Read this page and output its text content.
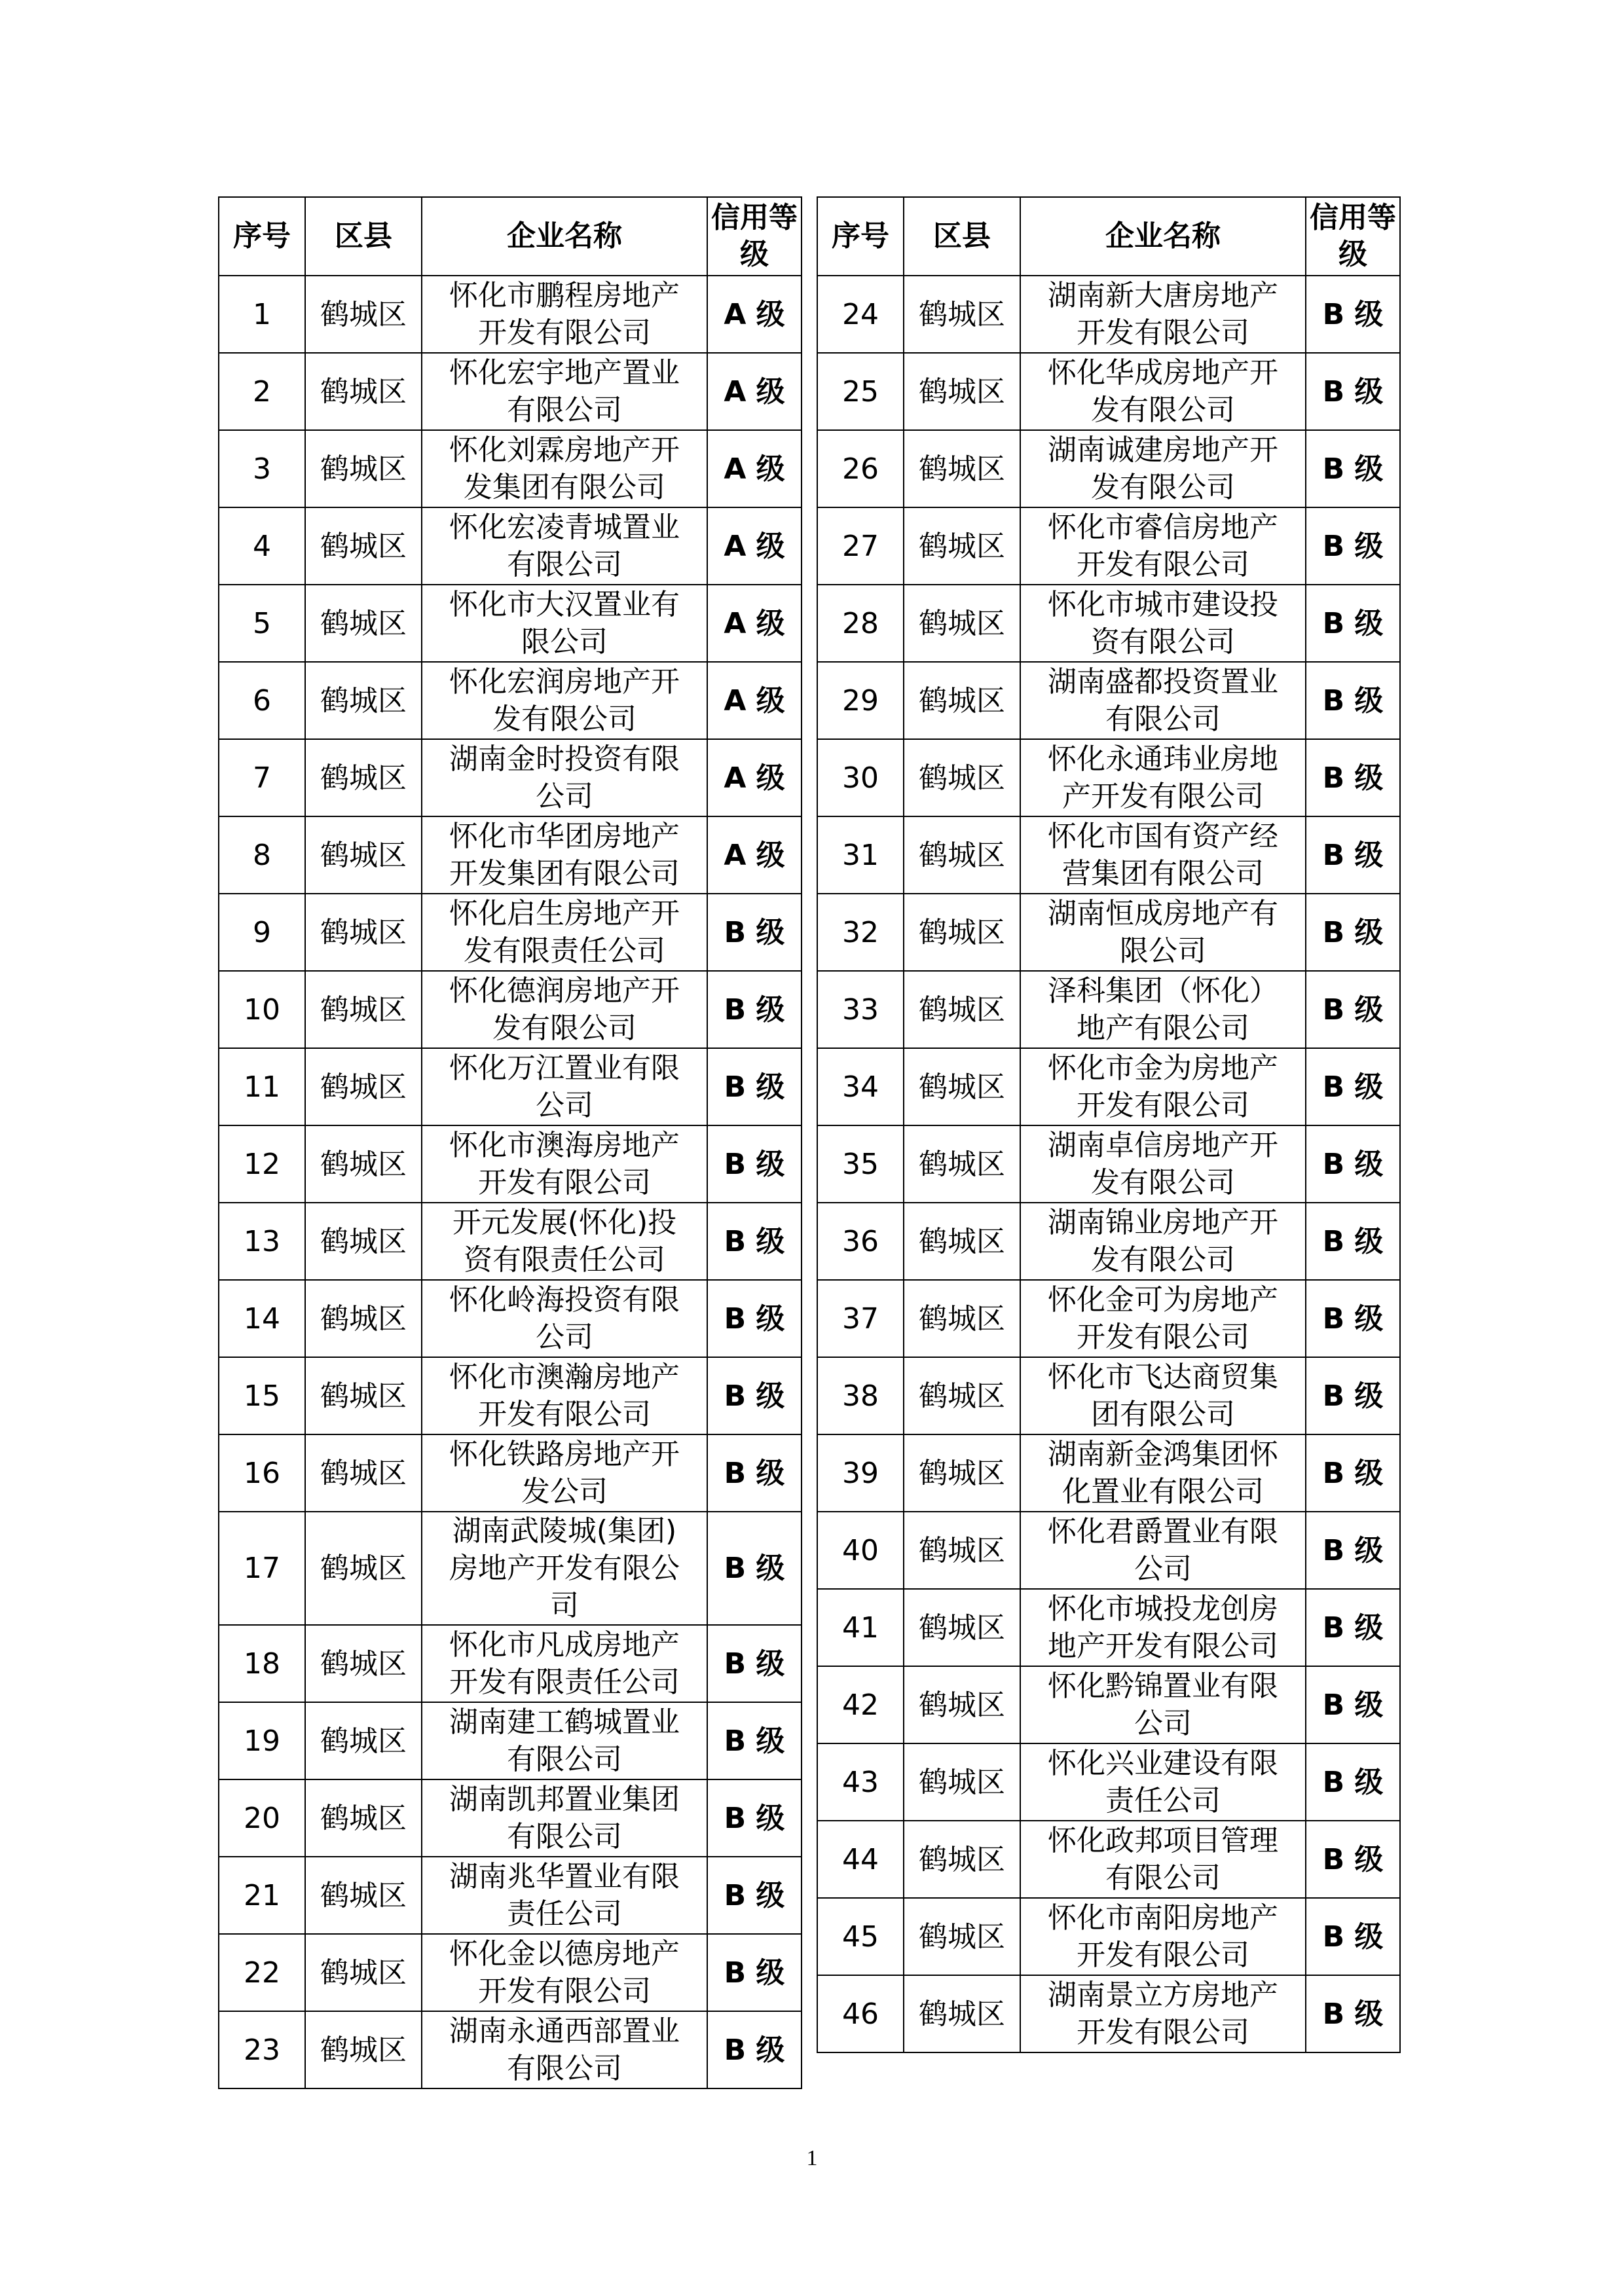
序号	区县	企业名称	信用等级
1	鹤城区	怀化市鹏程房地产开发有限公司	A 级
2	鹤城区	怀化宏宇地产置业有限公司	A 级
3	鹤城区	怀化刘霖房地产开发集团有限公司	A 级
4	鹤城区	怀化宏凌青城置业有限公司	A 级
5	鹤城区	怀化市大汉置业有限公司	A 级
6	鹤城区	怀化宏润房地产开发有限公司	A 级
7	鹤城区	湖南金时投资有限公司	A 级
8	鹤城区	怀化市华团房地产开发集团有限公司	A 级
9	鹤城区	怀化启生房地产开发有限责任公司	B 级
10	鹤城区	怀化德润房地产开发有限公司	B 级
11	鹤城区	怀化万江置业有限公司	B 级
12	鹤城区	怀化市澳海房地产开发有限公司	B 级
13	鹤城区	开元发展(怀化)投资有限责任公司	B 级
14	鹤城区	怀化岭海投资有限公司	B 级
15	鹤城区	怀化市澳瀚房地产开发有限公司	B 级
16	鹤城区	怀化铁路房地产开发公司	B 级
17	鹤城区	湖南武陵城(集团)房地产开发有限公司	B 级
18	鹤城区	怀化市凡成房地产开发有限责任公司	B 级
19	鹤城区	湖南建工鹤城置业有限公司	B 级
20	鹤城区	湖南凯邦置业集团有限公司	B 级
21	鹤城区	湖南兆华置业有限责任公司	B 级
22	鹤城区	怀化金以德房地产开发有限公司	B 级
23	鹤城区	湖南永通西部置业有限公司	B 级
序号	区县	企业名称	信用等级
24	鹤城区	湖南新大唐房地产开发有限公司	B 级
25	鹤城区	怀化华成房地产开发有限公司	B 级
26	鹤城区	湖南诚建房地产开发有限公司	B 级
27	鹤城区	怀化市睿信房地产开发有限公司	B 级
28	鹤城区	怀化市城市建设投资有限公司	B 级
29	鹤城区	湖南盛都投资置业有限公司	B 级
30	鹤城区	怀化永通玮业房地产开发有限公司	B 级
31	鹤城区	怀化市国有资产经营集团有限公司	B 级
32	鹤城区	湖南恒成房地产有限公司	B 级
33	鹤城区	泽科集团（怀化）地产有限公司	B 级
34	鹤城区	怀化市金为房地产开发有限公司	B 级
35	鹤城区	湖南卓信房地产开发有限公司	B 级
36	鹤城区	湖南锦业房地产开发有限公司	B 级
37	鹤城区	怀化金可为房地产开发有限公司	B 级
38	鹤城区	怀化市飞达商贸集团有限公司	B 级
39	鹤城区	湖南新金鸿集团怀化置业有限公司	B 级
40	鹤城区	怀化君爵置业有限公司	B 级
41	鹤城区	怀化市城投龙创房地产开发有限公司	B 级
42	鹤城区	怀化黔锦置业有限公司	B 级
43	鹤城区	怀化兴业建设有限责任公司	B 级
44	鹤城区	怀化政邦项目管理有限公司	B 级
45	鹤城区	怀化市南阳房地产开发有限公司	B 级
46	鹤城区	湖南景立方房地产开发有限公司	B 级
1
